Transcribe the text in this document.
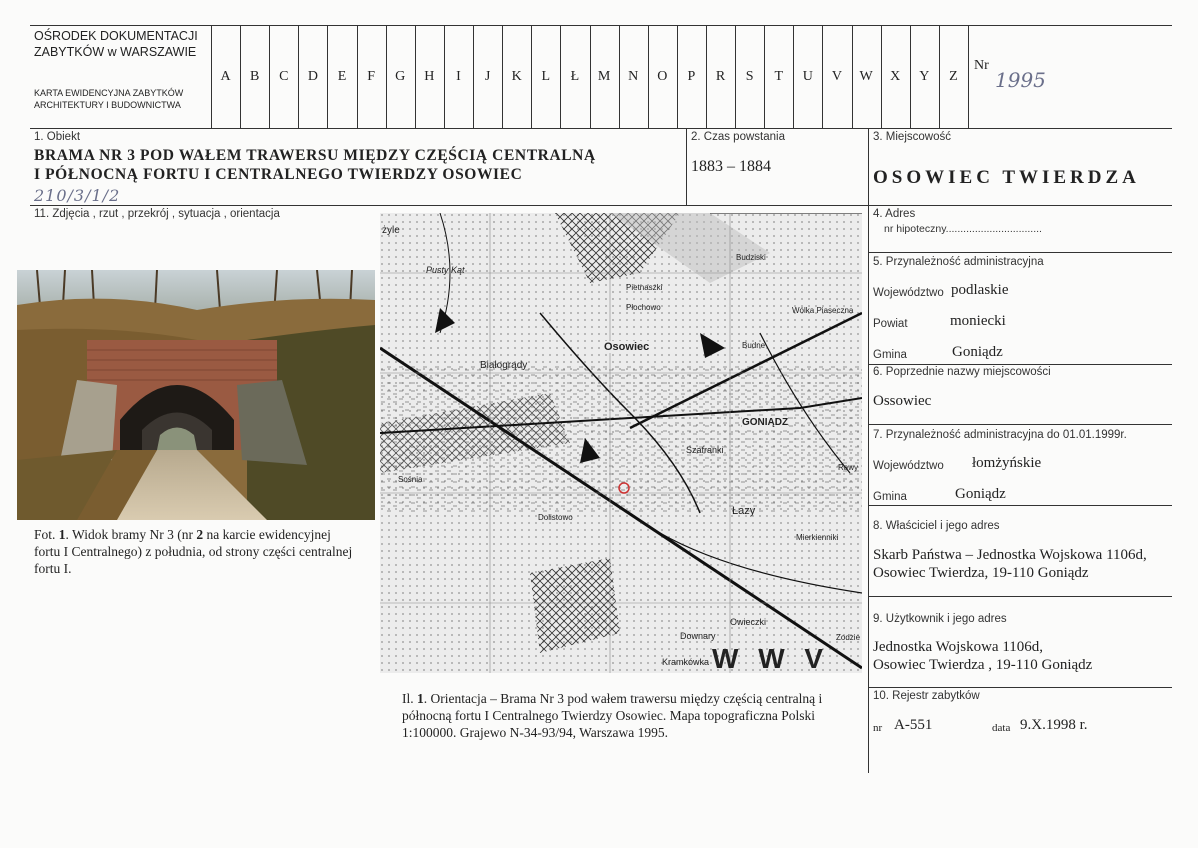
OŚRODEK DOKUMENTACJI
ZABYTKÓW w WARSZAWIE
KARTA EWIDENCYJNA ZABYTKÓW
ARCHITEKTURY I BUDOWNICTWA
A	B	C	D	E	F	G	H	I	J	K	L	Ł	M	N	O	P	R	S	T	U	V	W	X	Y	Z
Nr
1995
1. Obiekt
BRAMA NR 3 POD WAŁEM TRAWERSU MIĘDZY CZĘŚCIĄ CENTRALNĄ
I PÓŁNOCNĄ FORTU I CENTRALNEGO TWIERDZY OSOWIEC
210/3/1/2
2. Czas powstania
1883 – 1884
3. Miejscowość
OSOWIEC TWIERDZA
4. Adres
nr hipoteczny.................................
5. Przynależność administracyjna
Województwo podlaskie
Powiat	moniecki
Gmina	Goniądz
6. Poprzednie nazwy miejscowości
Ossowiec
7. Przynależność administracyjna do 01.01.1999r.
Województwo łomżyńskie
Gmina	Goniądz
8. Właściciel i jego adres
Skarb Państwa – Jednostka Wojskowa 1106d,
Osowiec Twierdza, 19-110 Goniądz
9. Użytkownik i jego adres
Jednostka Wojskowa 1106d,
Osowiec Twierdza , 19-110 Goniądz
10. Rejestr zabytków
nr A-551	data 9.X.1998 r.
11. Zdjęcia , rzut , przekrój , sytuacja , orientacja
Fot. 1. Widok bramy Nr 3 (nr 2 na karcie ewidencyjnej fortu I Centralnego) z południa, od strony części centralnej fortu I.
Osowiec
Białogrądy
GONIĄDZ
Łazy
Szafranki
Downary
Kramkówka
Owieczki
Budne
Pietnaszki
Mierkienniki
Pusty Kąt
Rawy
Zodzie
Wólka Piaseczna
Budziski
Płochowo
Sośnia
Dolistowo
żyle
W W V
Il. 1. Orientacja – Brama Nr 3 pod wałem trawersu między częścią centralną i północną fortu I Centralnego Twierdzy Osowiec. Mapa topograficzna Polski 1:100000. Grajewo N-34-93/94, Warszawa 1995.
